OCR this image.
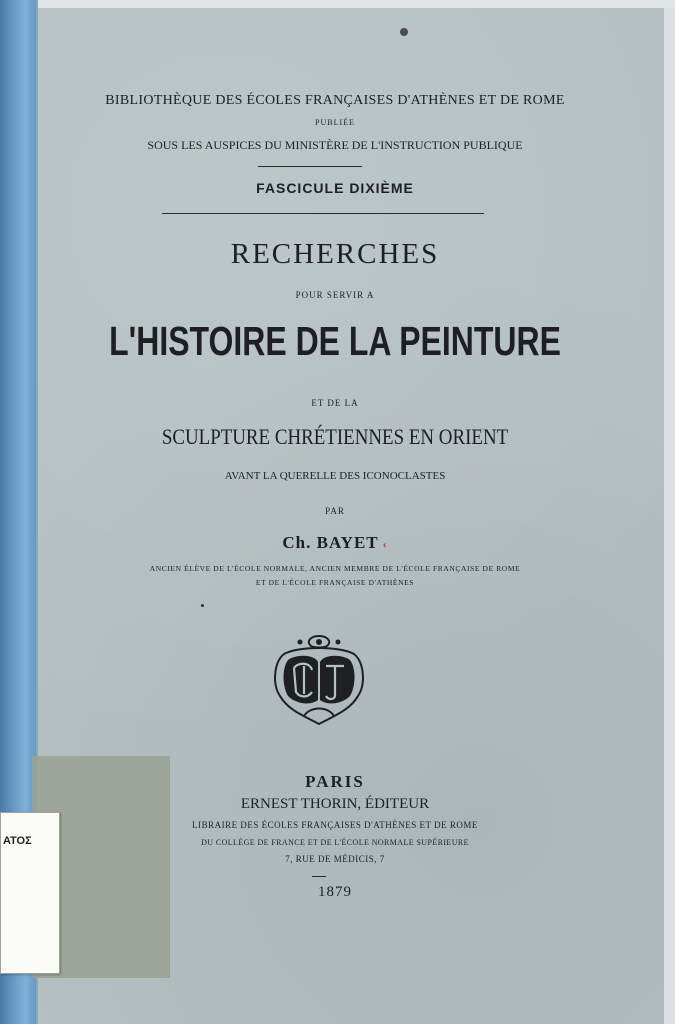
BIBLIOTHÈQUE DES ÉCOLES FRANÇAISES D'ATHÈNES ET DE ROME
PUBLIÉE
SOUS LES AUSPICES DU MINISTÈRE DE L'INSTRUCTION PUBLIQUE
FASCICULE DIXIÈME
RECHERCHES
POUR SERVIR A
L'HISTOIRE DE LA PEINTURE
ET DE LA
SCULPTURE CHRÉTIENNES EN ORIENT
AVANT LA QUERELLE DES ICONOCLASTES
PAR
Ch. BAYET ‹
ANCIEN ÉLÈVE DE L'ÉCOLE NORMALE, ANCIEN MEMBRE DE L'ÉCOLE FRANÇAISE DE ROME
ET DE L'ÉCOLE FRANÇAISE D'ATHÈNES
PARIS
ERNEST THORIN, ÉDITEUR
LIBRAIRE DES ÉCOLES FRANÇAISES D'ATHÈNES ET DE ROME
DU COLLÈGE DE FRANCE ET DE L'ÉCOLE NORMALE SUPÉRIEURE
7, RUE DE MÉDICIS, 7
1879
ΑΤΟΣ
